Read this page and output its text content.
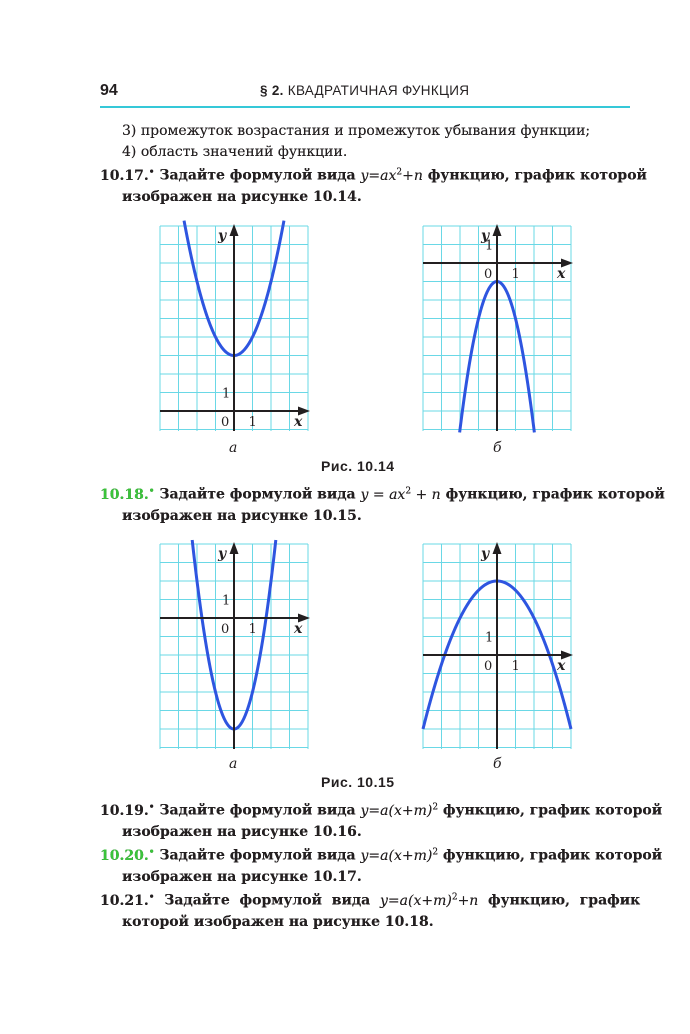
94	§ 2. КВАДРАТИЧНАЯ ФУНКЦИЯ
3) промежуток возрастания и промежуток убывания функции;
4) область значений функции.
10.17.• Задайте формулой вида $y=ax^2+n$ функцию, график которой
изображен на рисунке 10.14.
y
x
0 1
1
y
x
0 1
1
а	б
Рис. 10.14
10.18.• Задайте формулой вида $y = ax^2 + n$ функцию, график которой
изображен на рисунке 10.15.
y
x
0 1
1
y
x
0 1
1
а	б
Рис. 10.15
10.19.• Задайте формулой вида $y=a(x+m)^2$ функцию, график которой
изображен на рисунке 10.16.
10.20.• Задайте формулой вида $y=a(x+m)^2$ функцию, график которой
изображен на рисунке 10.17.
10.21.•  Задайте  формулой  вида  $y=a(x+m)^2+n$  функцию,  график
которой изображен на рисунке 10.18.
